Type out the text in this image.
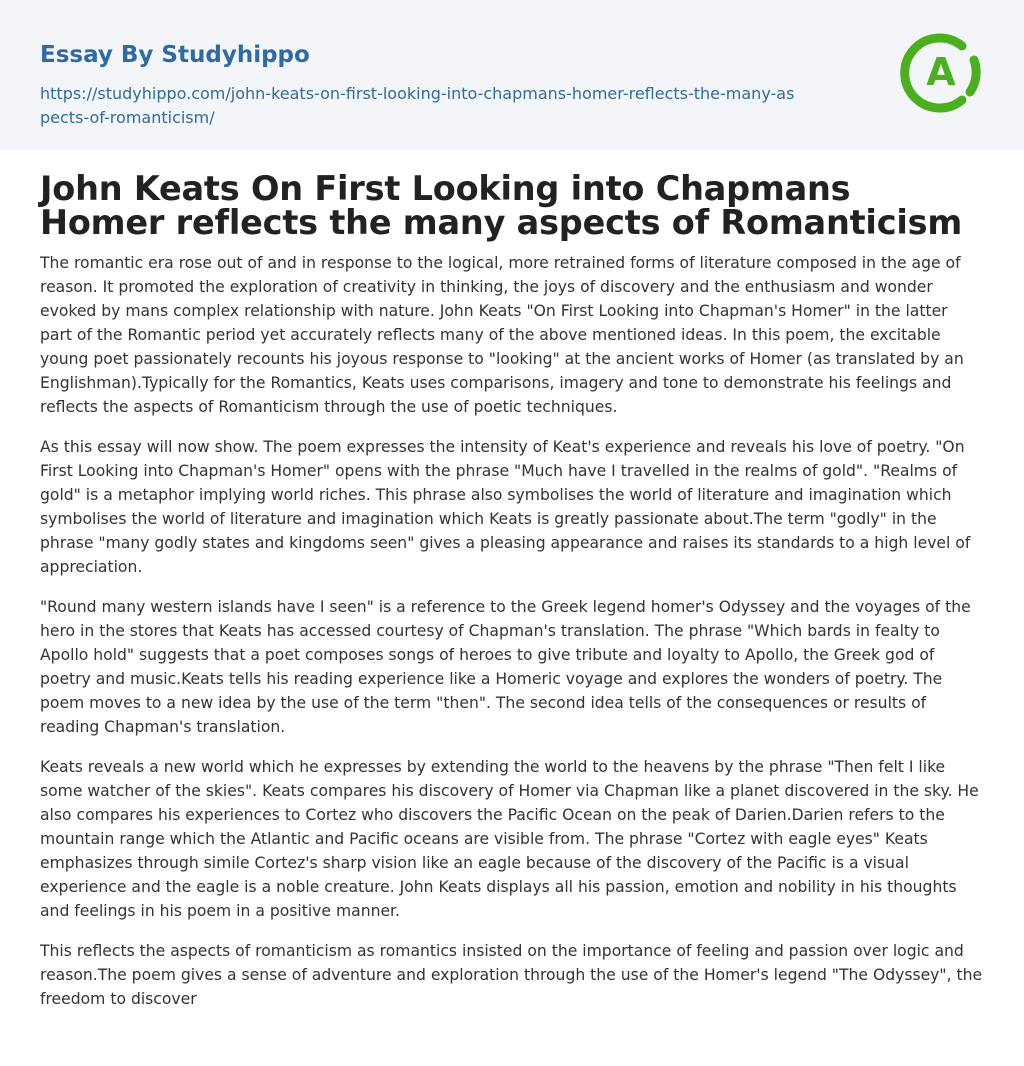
Essay By Studyhippo
https://studyhippo.com/john-keats-on-first-looking-into-chapmans-homer-reflects-the-many-aspects-of-romanticism/
A
John Keats On First Looking into Chapmans Homer reflects the many aspects of Romanticism

The romantic era rose out of and in response to the logical, more retrained forms of literature composed in the age of reason. It promoted the exploration of creativity in thinking, the joys of discovery and the enthusiasm and wonder evoked by mans complex relationship with nature. John Keats "On First Looking into Chapman's Homer" in the latter part of the Romantic period yet accurately reflects many of the above mentioned ideas. In this poem, the excitable young poet passionately recounts his joyous response to "looking" at the ancient works of Homer (as translated by an Englishman).Typically for the Romantics, Keats uses comparisons, imagery and tone to demonstrate his feelings and reflects the aspects of Romanticism through the use of poetic techniques.

As this essay will now show. The poem expresses the intensity of Keat's experience and reveals his love of poetry. "On First Looking into Chapman's Homer" opens with the phrase "Much have I travelled in the realms of gold". "Realms of gold" is a metaphor implying world riches. This phrase also symbolises the world of literature and imagination which symbolises the world of literature and imagination which Keats is greatly passionate about.The term "godly" in the phrase "many godly states and kingdoms seen" gives a pleasing appearance and raises its standards to a high level of appreciation.

"Round many western islands have I seen" is a reference to the Greek legend homer's Odyssey and the voyages of the hero in the stores that Keats has accessed courtesy of Chapman's translation. The phrase "Which bards in fealty to Apollo hold" suggests that a poet composes songs of heroes to give tribute and loyalty to Apollo, the Greek god of poetry and music.Keats tells his reading experience like a Homeric voyage and explores the wonders of poetry. The poem moves to a new idea by the use of the term "then". The second idea tells of the consequences or results of reading Chapman's translation.

Keats reveals a new world which he expresses by extending the world to the heavens by the phrase "Then felt I like some watcher of the skies". Keats compares his discovery of Homer via Chapman like a planet discovered in the sky. He also compares his experiences to Cortez who discovers the Pacific Ocean on the peak of Darien.Darien refers to the mountain range which the Atlantic and Pacific oceans are visible from. The phrase "Cortez with eagle eyes" Keats emphasizes through simile Cortez's sharp vision like an eagle because of the discovery of the Pacific is a visual experience and the eagle is a noble creature. John Keats displays all his passion, emotion and nobility in his thoughts and feelings in his poem in a positive manner.

This reflects the aspects of romanticism as romantics insisted on the importance of feeling and passion over logic and reason.The poem gives a sense of adventure and exploration through the use of the Homer's legend "The Odyssey", the freedom to discover
